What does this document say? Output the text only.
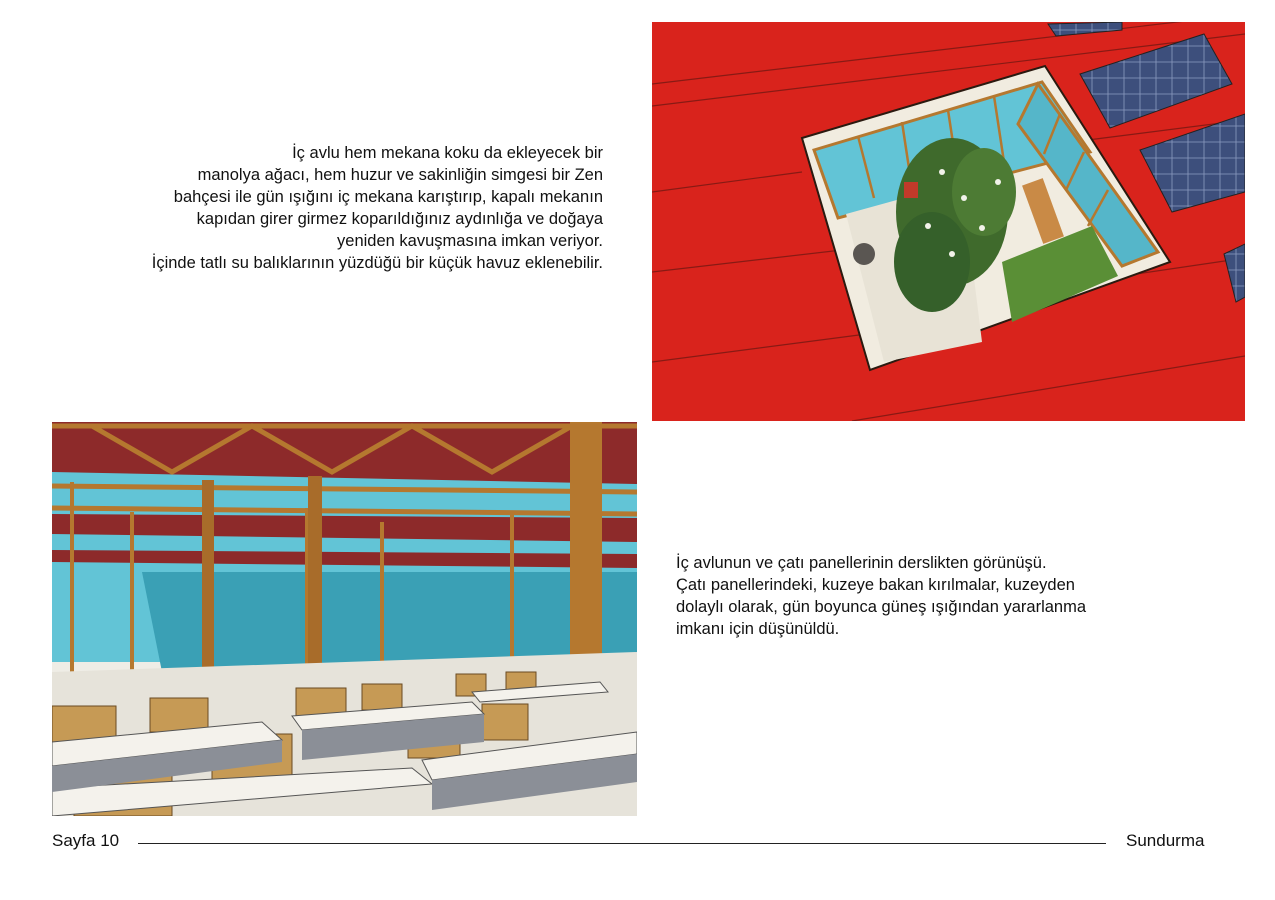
İç avlu hem mekana koku da ekleyecek bir
manolya ağacı, hem huzur ve sakinliğin simgesi bir Zen
bahçesi ile gün ışığını iç mekana karıştırıp, kapalı mekanın
kapıdan girer girmez koparıldığınız aydınlığa ve doğaya
yeniden kavuşmasına imkan veriyor.
İçinde tatlı su balıklarının yüzdüğü bir küçük havuz eklenebilir.
İç avlunun ve çatı panellerinin derslikten görünüşü.
Çatı panellerindeki, kuzeye bakan kırılmalar, kuzeyden
dolaylı olarak, gün boyunca güneş ışığından yararlanma
imkanı için düşünüldü.
Sayfa 10	Sundurma
